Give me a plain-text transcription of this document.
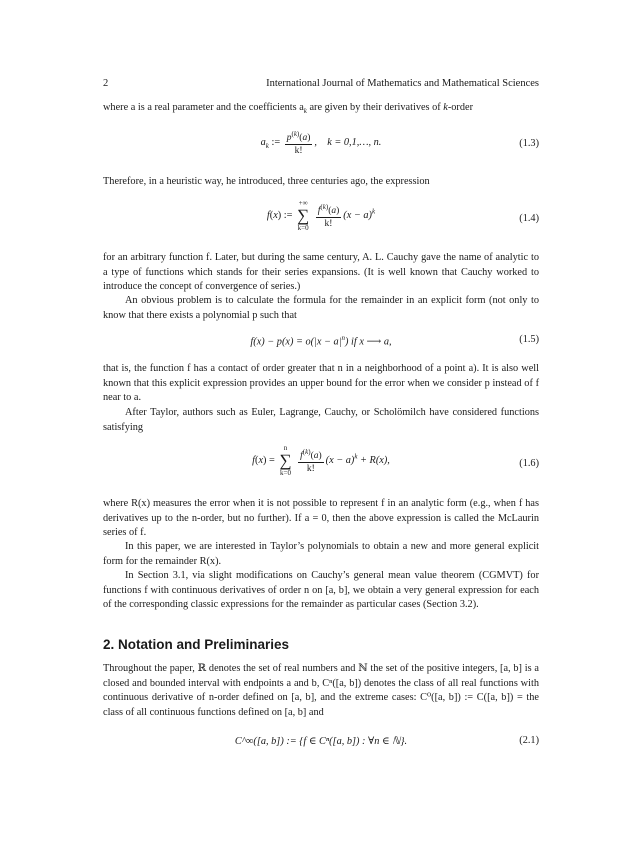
2	International Journal of Mathematics and Mathematical Sciences
where a is a real parameter and the coefficients $a_k$ are given by their derivatives of k-order
$a_k$ := $\frac{p^{(k)}(a)}{k!}$ ,    k = 0,1,…, n.	(1.3)
Therefore, in a heuristic way, he introduced, three centuries ago, the expression
f(x) :=
+∞
∑
k=0
$\frac{f^{(k)}(a)}{k!} (x - a)^k$
(1.4)
for an arbitrary function f. Later, but during the same century, A. L. Cauchy gave the name of analytic to a type of functions which stands for their series expansions. (It is well known that Cauchy worked to introduce the concept of convergence of series.)
An obvious problem is to calculate the formula for the remainder in an explicit form (not only to know that there exists a polynomial p such that
$f(x) - p(x) = o(|x - a|^n)$ if x ⟶ a,	(1.5)
that is, the function f has a contact of order greater that n in a neighborhood of a point a). It is also well known that this explicit expression provides an upper bound for the error when we consider p instead of f near to a.
After Taylor, authors such as Euler, Lagrange, Cauchy, or Scholömilch have considered functions satisfying
f(x) =
n
∑
k=0
$\frac{f^{(k)}(a)}{k!} (x - a)^k + R(x)$,	(1.6)
where R(x) measures the error when it is not possible to represent f in an analytic form (e.g., when f has derivatives up to the n-order, but no further). If a = 0, then the above expression is called the McLaurin series of f.
In this paper, we are interested in Taylor’s polynomials to obtain a new and more general explicit form for the remainder R(x).
In Section 3.1, via slight modifications on Cauchy’s general mean value theorem (CGMVT) for functions f with continuous derivatives of order n on [a, b], we obtain a very general expression for each of the corresponding classic expressions for the remainder as particular cases (Section 3.2).
2. Notation and Preliminaries
Throughout the paper, ℝ denotes the set of real numbers and ℕ the set of the positive integers, [a, b] is a closed and bounded interval with endpoints a and b, Cⁿ([a, b]) denotes the class of all real functions with continuous derivative of n-order defined on [a, b], and the extreme cases: C⁰([a, b]) := C([a, b]) = the class of all continuous functions defined on [a, b] and
C^∞([a, b]) := {f ∈ Cⁿ([a, b]) : ∀n ∈ ℕ}.	(2.1)
